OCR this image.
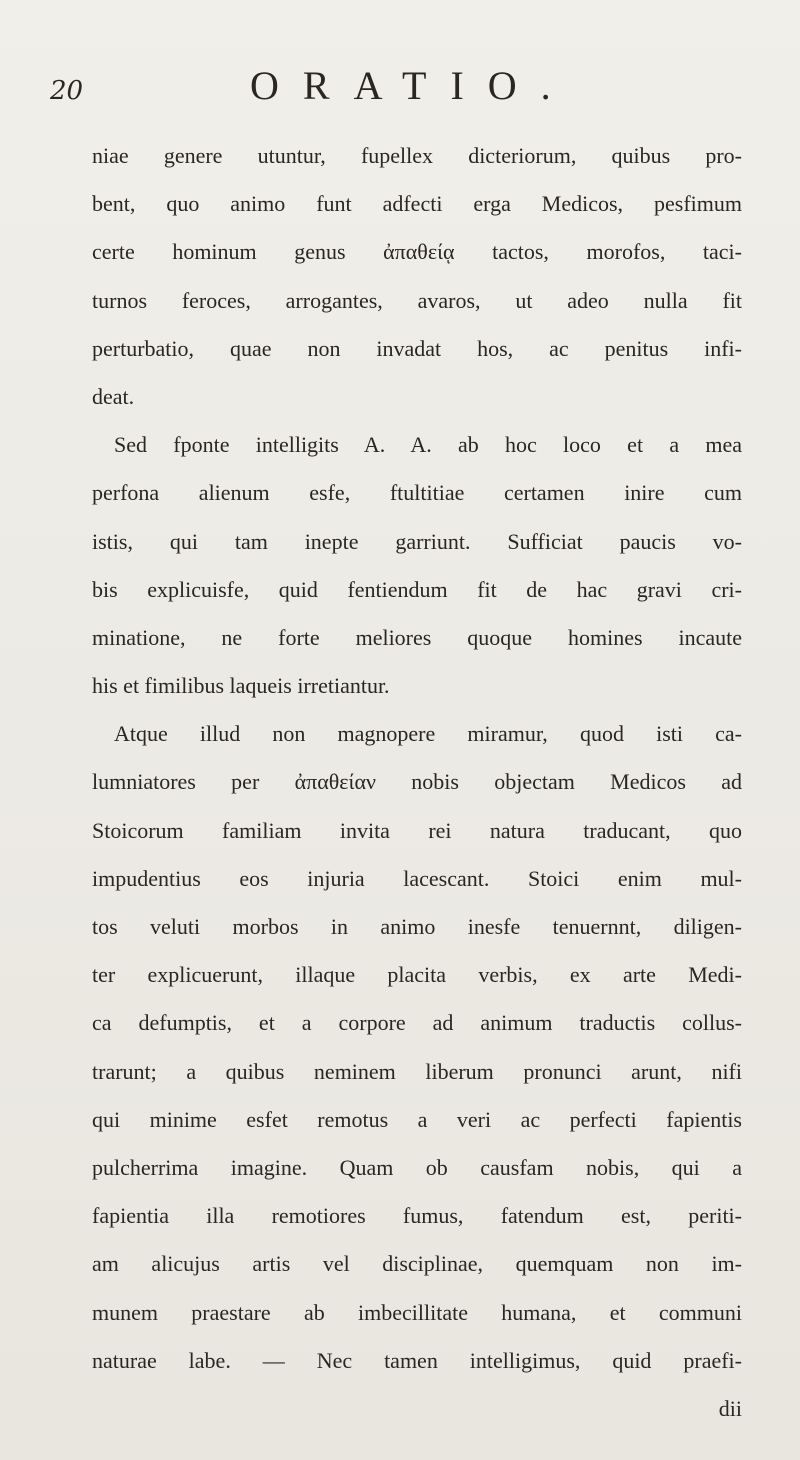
20	ORATIO.
niae genere utuntur, fupellex dicteriorum, quibus pro-
bent, quo animo funt adfecti erga Medicos, pesfimum
certe hominum genus ἀπαθείᾳ tactos, morofos, taci-
turnos feroces, arrogantes, avaros, ut adeo nulla fit
perturbatio, quae non invadat hos, ac penitus infi-
deat.
Sed fponte intelligits A. A. ab hoc loco et a mea
perfona alienum esfe, ftultitiae certamen inire cum
istis, qui tam inepte garriunt. Sufficiat paucis vo-
bis explicuisfe, quid fentiendum fit de hac gravi cri-
minatione, ne forte meliores quoque homines incaute
his et fimilibus laqueis irretiantur.
Atque illud non magnopere miramur, quod isti ca-
lumniatores per ἀπαθείαν nobis objectam Medicos ad
Stoicorum familiam invita rei natura traducant, quo
impudentius eos injuria lacescant. Stoici enim mul-
tos veluti morbos in animo inesfe tenuernnt, diligen-
ter explicuerunt, illaque placita verbis, ex arte Medi-
ca defumptis, et a corpore ad animum traductis collus-
trarunt; a quibus neminem liberum pronunci arunt, nifi
qui minime esfet remotus a veri ac perfecti fapientis
pulcherrima imagine. Quam ob causfam nobis, qui a
fapientia illa remotiores fumus, fatendum est, periti-
am alicujus artis vel disciplinae, quemquam non im-
munem praestare ab imbecillitate humana, et communi
naturae labe. — Nec tamen intelligimus, quid praefi-
dii
